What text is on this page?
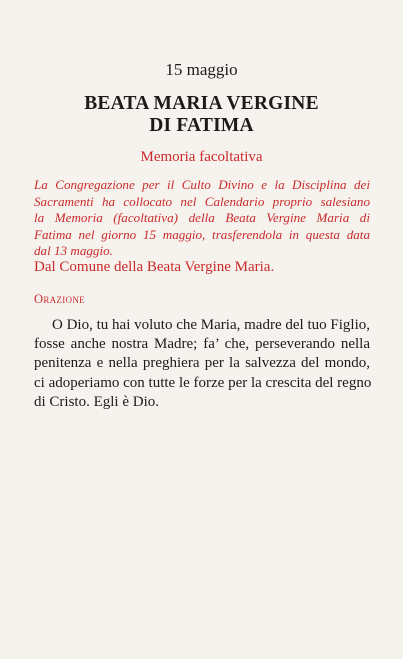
15 maggio
BEATA MARIA VERGINE
DI FATIMA
Memoria facoltativa
La Congregazione per il Culto Divino e la Disciplina dei
Sacramenti ha collocato nel Calendario proprio salesiano
la Memoria (facoltativa) della Beata Vergine Maria di
Fatima nel giorno 15 maggio, trasferendola in questa data
dal 13 maggio.
Dal Comune della Beata Vergine Maria.
Orazione
O Dio, tu hai voluto che Maria, madre del tuo Figlio,
fosse anche nostra Madre; fa’ che, perseverando nella
penitenza e nella preghiera per la salvezza del mondo,
ci adoperiamo con tutte le forze per la crescita del regno
di Cristo. Egli è Dio.
